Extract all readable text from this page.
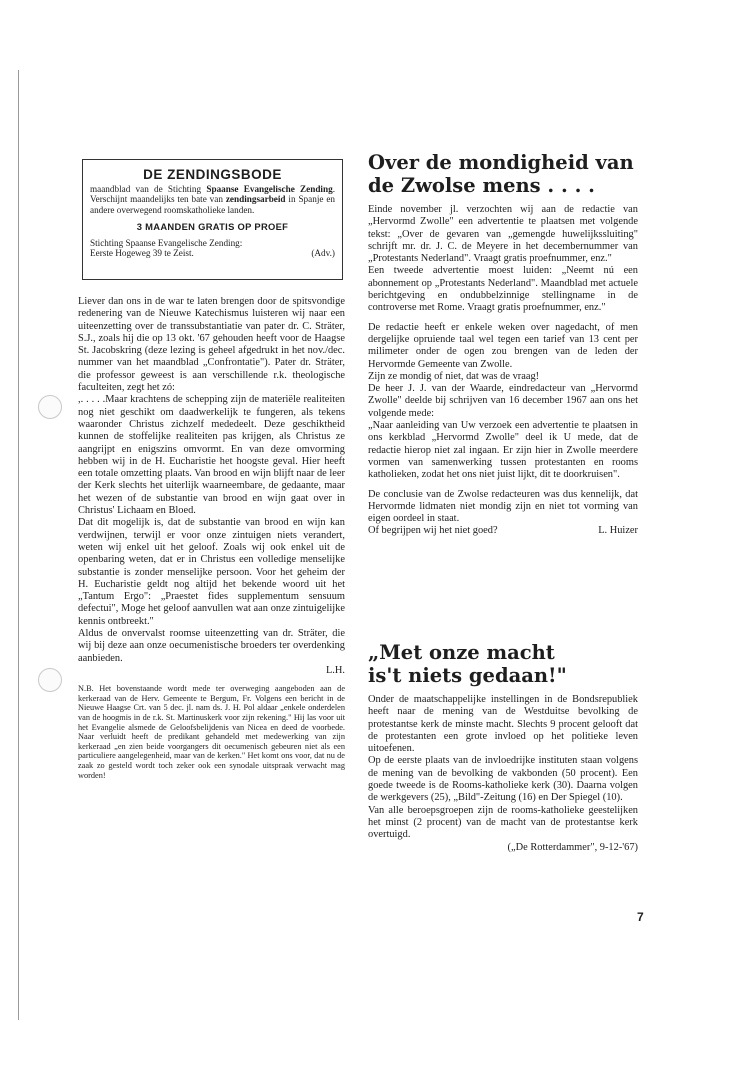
DE ZENDINGSBODE

maandblad van de Stichting Spaanse Evangelische Zending. Verschijnt maandelijks ten bate van zendingsarbeid in Spanje en andere overwegend roomskatholieke landen.

3 MAANDEN GRATIS OP PROEF

Stichting Spaanse Evangelische Zending:

Eerste Hogeweg 39 te Zeist.	(Adv.)

Liever dan ons in de war te laten brengen door de spitsvondige redenering van de Nieuwe Katechismus luisteren wij naar een uiteenzetting over de transsubstantiatie van pater dr. C. Sträter, S.J., zoals hij die op 13 okt. '67 gehouden heeft voor de Haagse St. Jacobskring (deze lezing is geheel afgedrukt in het nov./dec. nummer van het maandblad „Confrontatie"). Pater dr. Sträter, die professor geweest is aan verschillende r.k. theologische faculteiten, zegt het zó:

,. . . . .Maar krachtens de schepping zijn de materiële realiteiten nog niet geschikt om daadwerkelijk te fungeren, als tekens waaronder Christus zichzelf mededeelt. Deze geschiktheid kunnen de stoffelijke realiteiten pas krijgen, als Christus ze aangrijpt en enigszins omvormt. En van deze omvorming hebben wij in de H. Eucharistie het hoogste geval. Hier heeft een totale omzetting plaats. Van brood en wijn blijft naar de leer der Kerk slechts het uiterlijk waarneembare, de gedaante, maar het wezen of de substantie van brood en wijn gaat over in Christus' Lichaam en Bloed.

Dat dit mogelijk is, dat de substantie van brood en wijn kan verdwijnen, terwijl er voor onze zintuigen niets verandert, weten wij enkel uit het geloof. Zoals wij ook enkel uit de openbaring weten, dat er in Christus een volledige menselijke substantie is zonder menselijke persoon. Voor het geheim der H. Eucharistie geldt nog altijd het bekende woord uit het „Tantum Ergo": „Praestet fides supplementum sensuum defectui", Moge het geloof aanvullen wat aan onze zintuigelijke kennis ontbreekt."

Aldus de onvervalst roomse uiteenzetting van dr. Sträter, die wij bij deze aan onze oecumenistische broeders ter overdenking aanbieden.

L.H.

N.B. Het bovenstaande wordt mede ter overweging aangeboden aan de kerkeraad van de Herv. Gemeente te Bergum, Fr. Volgens een bericht in de Nieuwe Haagse Crt. van 5 dec. jl. nam ds. J. H. Pol aldaar „enkele onderdelen van de hoogmis in de r.k. St. Martinuskerk voor zijn rekening." Hij las voor uit het Evangelie alsmede de Geloofsbelijdenis van Nicea en deed de voorbede. Naar verluidt heeft de predikant gehandeld met medewerking van zijn kerkeraad „en zien beide voorgangers dit oecumenisch gebeuren niet als een particuliere aangelegenheid, maar van de kerken." Het komt ons voor, dat nu de zaak zo gesteld wordt toch zeker ook een synodale uitspraak verwacht mag worden!

Over de mondigheid van

de Zwolse mens . . . .

Einde november jl. verzochten wij aan de redactie van „Hervormd Zwolle" een advertentie te plaatsen met volgende tekst: „Over de gevaren van „gemengde huwelijkssluiting" schrijft mr. dr. J. C. de Meyere in het decembernummer van „Protestants Nederland". Vraagt gratis proefnummer, enz."

Een tweede advertentie moest luiden: „Neemt nú een abonnement op „Protestants Nederland". Maandblad met actuele berichtgeving en ondubbelzinnige stellingname in de controverse met Rome. Vraagt gratis proefnummer, enz."

De redactie heeft er enkele weken over nagedacht, of men dergelijke opruiende taal wel tegen een tarief van 13 cent per milimeter onder de ogen zou brengen van de leden der Hervormde Gemeente van Zwolle.

Zijn ze mondig of niet, dat was de vraag!

De heer J. J. van der Waarde, eindredacteur van „Hervormd Zwolle" deelde bij schrijven van 16 december 1967 aan ons het volgende mede:

„Naar aanleiding van Uw verzoek een advertentie te plaatsen in ons kerkblad „Hervormd Zwolle" deel ik U mede, dat de redactie hierop niet zal ingaan. Er zijn hier in Zwolle meerdere vormen van samenwerking tussen protestanten en rooms katholieken, zodat het ons niet juist lijkt, dit te doorkruisen".

De conclusie van de Zwolse redacteuren was dus kennelijk, dat Hervormde lidmaten niet mondig zijn en niet tot vorming van eigen oordeel in staat.

Of begrijpen wij het niet goed?	L. Huizer

„Met onze macht

is't niets gedaan!"

Onder de maatschappelijke instellingen in de Bondsrepubliek heeft naar de mening van de Westduitse bevolking de protestantse kerk de minste macht. Slechts 9 procent gelooft dat de protestanten een grote invloed op het politieke leven uitoefenen.

Op de eerste plaats van de invloedrijke instituten staan volgens de mening van de bevolking de vakbonden (50 procent). Een goede tweede is de Rooms-katholieke kerk (30). Daarna volgen de werkgevers (25), „Bild"-Zeitung (16) en Der Spiegel (10).

Van alle beroepsgroepen zijn de rooms-katholieke geestelijken het minst (2 procent) van de macht van de protestantse kerk overtuigd.

(„De Rotterdammer", 9-12-'67)

7
